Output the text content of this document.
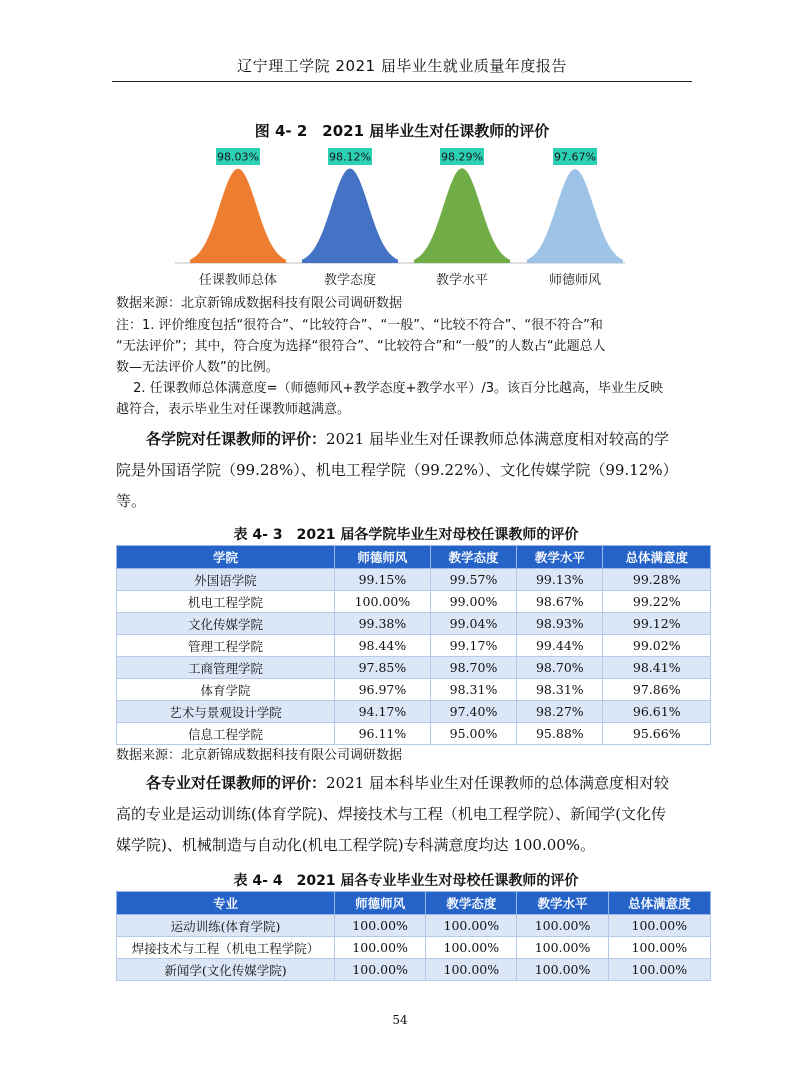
辽宁理工学院 2021 届毕业生就业质量年度报告
图 4- 2　2021 届毕业生对任课教师的评价
98.03%
任课教师总体
98.12%
教学态度
98.29%
教学水平
97.67%
师德师风
数据来源：北京新锦成数据科技有限公司调研数据
注：1. 评价维度包括“很符合”、“比较符合”、“一般”、“比较不符合”、“很不符合”和
“无法评价”；其中，符合度为选择“很符合”、“比较符合”和“一般”的人数占“此题总人
数—无法评价人数”的比例。
　 2. 任课教师总体满意度=（师德师风+教学态度+教学水平）/3。该百分比越高，毕业生反映
越符合，表示毕业生对任课教师越满意。
　　各学院对任课教师的评价：2021 届毕业生对任课教师总体满意度相对较高的学
院是外国语学院（99.28%）、机电工程学院（99.22%）、文化传媒学院（99.12%）
等。
表 4- 3　2021 届各学院毕业生对母校任课教师的评价
学院	师德师风	教学态度	教学水平	总体满意度
外国语学院	99.15%	99.57%	99.13%	99.28%
机电工程学院	100.00%	99.00%	98.67%	99.22%
文化传媒学院	99.38%	99.04%	98.93%	99.12%
管理工程学院	98.44%	99.17%	99.44%	99.02%
工商管理学院	97.85%	98.70%	98.70%	98.41%
体育学院	96.97%	98.31%	98.31%	97.86%
艺术与景观设计学院	94.17%	97.40%	98.27%	96.61%
信息工程学院	96.11%	95.00%	95.88%	95.66%
数据来源：北京新锦成数据科技有限公司调研数据
　　各专业对任课教师的评价：2021 届本科毕业生对任课教师的总体满意度相对较
高的专业是运动训练(体育学院)、焊接技术与工程（机电工程学院）、新闻学(文化传
媒学院)、机械制造与自动化(机电工程学院)专科满意度均达 100.00%。
表 4- 4　2021 届各专业毕业生对母校任课教师的评价
专业	师德师风	教学态度	教学水平	总体满意度
运动训练(体育学院)	100.00%	100.00%	100.00%	100.00%
焊接技术与工程（机电工程学院）	100.00%	100.00%	100.00%	100.00%
新闻学(文化传媒学院)	100.00%	100.00%	100.00%	100.00%
54
